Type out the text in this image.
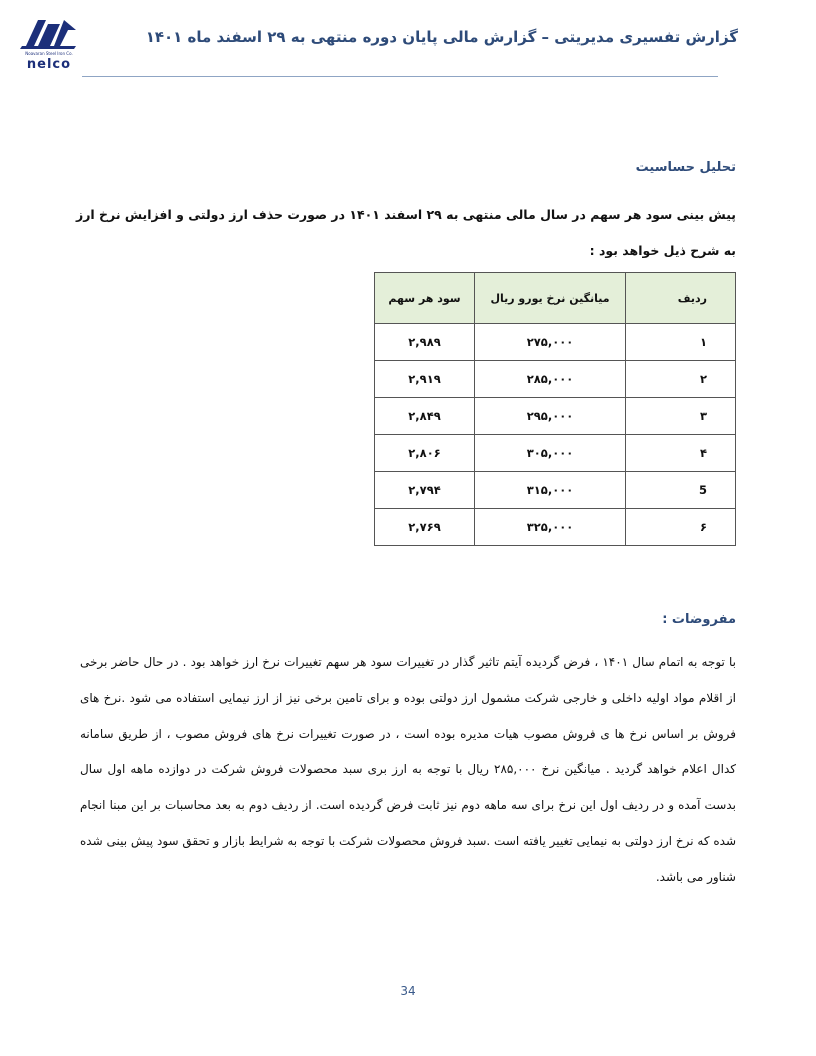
Noavaran Steel Iron Co.
nelco
گزارش تفسیری مدیریتی – گزارش مالی پایان دوره منتهی به ۲۹ اسفند ماه ۱۴۰۱
تحلیل حساسیت
پیش بینی سود هر سهم در سال مالی منتهی به ۲۹ اسفند ۱۴۰۱ در صورت حذف ارز دولتی و افزایش نرخ ارز به شرح ذیل خواهد بود :
ردیف	میانگین نرخ یورو ریال	سود هر سهم
۱	۲۷۵,۰۰۰	۲,۹۸۹
۲	۲۸۵,۰۰۰	۲,۹۱۹
۳	۲۹۵,۰۰۰	۲,۸۴۹
۴	۳۰۵,۰۰۰	۲,۸۰۶
5	۳۱۵,۰۰۰	۲,۷۹۴
۶	۳۲۵,۰۰۰	۲,۷۶۹
مفروضات :
با توجه به اتمام سال ۱۴۰۱ ، فرض گردیده آیتم تاثیر گذار در تغییرات سود هر سهم تغییرات نرخ ارز خواهد بود . در حال حاضر برخی از اقلام مواد اولیه داخلی و خارجی شرکت مشمول ارز دولتی بوده و برای تامین برخی نیز از ارز نیمایی استفاده می شود .نرخ های فروش بر اساس نرخ ها ی فروش مصوب هیات مدیره بوده است ، در صورت تغییرات نرخ های فروش مصوب ، از طریق سامانه کدال اعلام خواهد گردید . میانگین نرخ ۲۸۵,۰۰۰ ریال با توجه به ارز بری سبد محصولات فروش شرکت در دوازده ماهه اول سال بدست آمده و در ردیف اول این نرخ برای سه ماهه دوم نیز ثابت فرض گردیده است. از ردیف دوم به بعد محاسبات بر این مبنا انجام شده که نرخ ارز دولتی به نیمایی تغییر یافته است .سبد فروش محصولات شرکت با توجه به شرایط بازار و تحقق سود پیش بینی شده شناور می باشد.
34
